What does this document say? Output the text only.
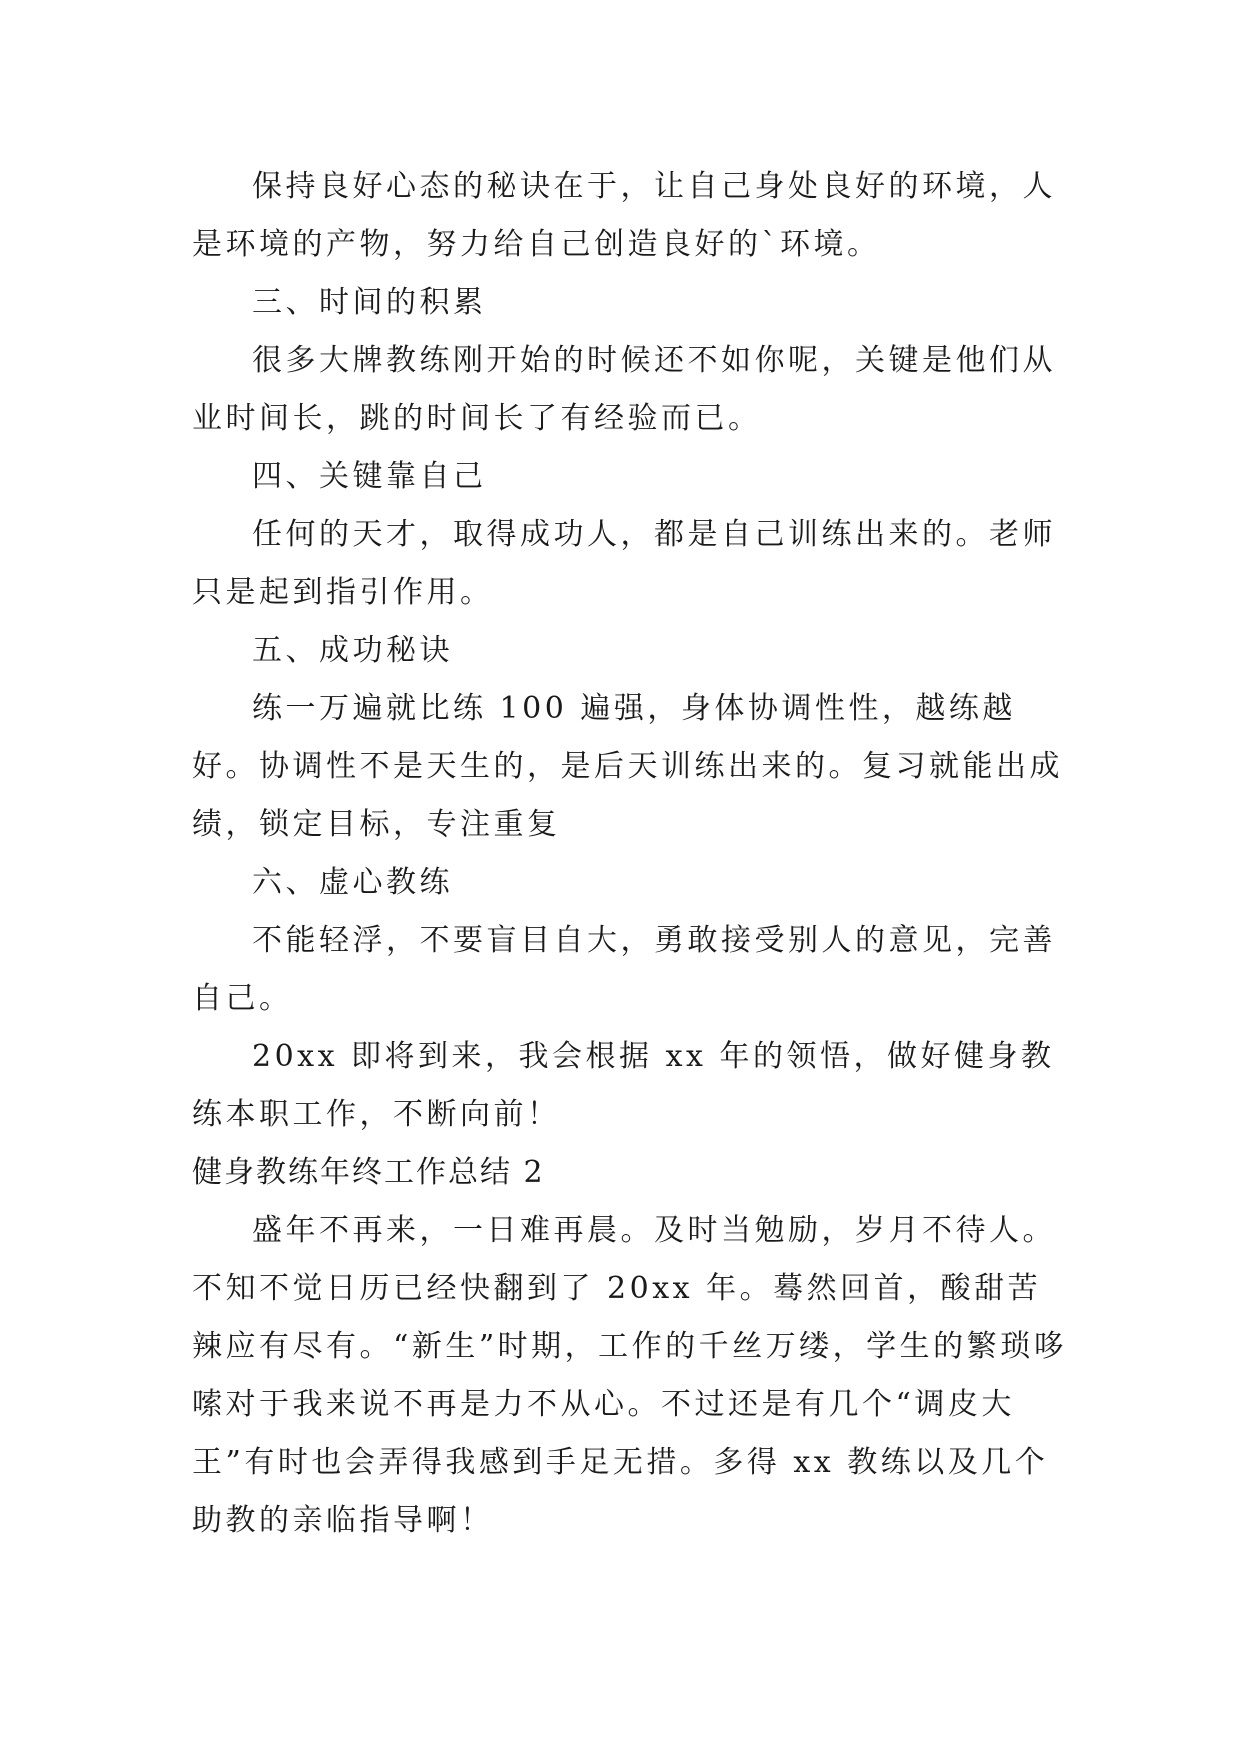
保持良好心态的秘诀在于，让自己身处良好的环境，人是环境的产物，努力给自己创造良好的`环境。

三、时间的积累

很多大牌教练刚开始的时候还不如你呢，关键是他们从业时间长，跳的时间长了有经验而已。

四、关键靠自己

任何的天才，取得成功人，都是自己训练出来的。老师只是起到指引作用。

五、成功秘诀

练一万遍就比练 100 遍强，身体协调性性，越练越好。协调性不是天生的，是后天训练出来的。复习就能出成绩，锁定目标，专注重复

六、虚心教练

不能轻浮，不要盲目自大，勇敢接受别人的意见，完善自己。

20xx 即将到来，我会根据 xx 年的领悟，做好健身教练本职工作，不断向前！

健身教练年终工作总结 2

盛年不再来，一日难再晨。及时当勉励，岁月不待人。不知不觉日历已经快翻到了 20xx 年。蓦然回首，酸甜苦辣应有尽有。“新生”时期，工作的千丝万缕，学生的繁琐哆嗦对于我来说不再是力不从心。不过还是有几个“调皮大王”有时也会弄得我感到手足无措。多得 xx 教练以及几个助教的亲临指导啊！
